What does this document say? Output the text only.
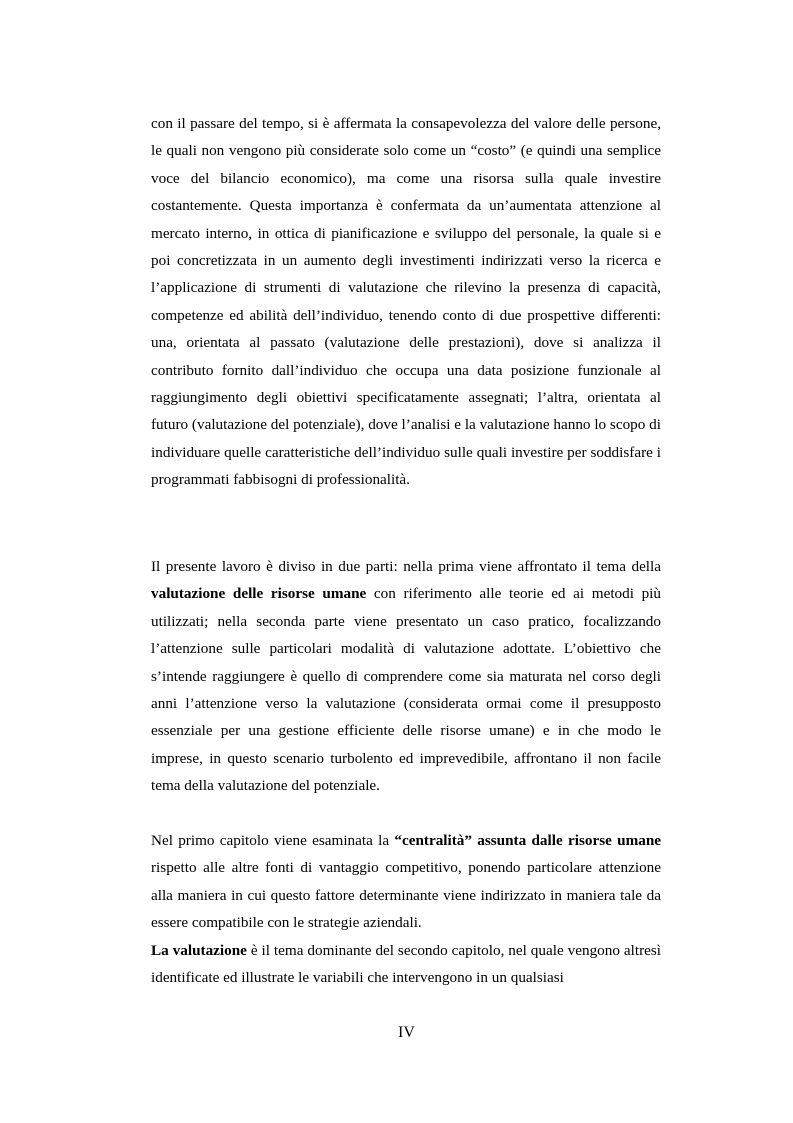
con il passare del tempo, si è affermata la consapevolezza del valore delle persone, le quali non vengono più considerate solo come un “costo” (e quindi una semplice voce del bilancio economico), ma come una risorsa sulla quale investire costantemente. Questa importanza è confermata da un’aumentata attenzione al mercato interno, in ottica di pianificazione e sviluppo del personale, la quale si e poi concretizzata in un aumento degli investimenti indirizzati verso la ricerca e l’applicazione di strumenti di valutazione che rilevino la presenza di capacità, competenze ed abilità dell’individuo, tenendo conto di due prospettive differenti: una, orientata al passato (valutazione delle prestazioni), dove si analizza il contributo fornito dall’individuo che occupa una data posizione funzionale al raggiungimento degli obiettivi specificatamente assegnati; l’altra, orientata al futuro (valutazione del potenziale), dove l’analisi e la valutazione hanno lo scopo di individuare quelle caratteristiche dell’individuo sulle quali investire per soddisfare i programmati fabbisogni di professionalità.

Il presente lavoro è diviso in due parti: nella prima viene affrontato il tema della valutazione delle risorse umane con riferimento alle teorie ed ai metodi più utilizzati; nella seconda parte viene presentato un caso pratico, focalizzando l’attenzione sulle particolari modalità di valutazione adottate. L’obiettivo che s’intende raggiungere è quello di comprendere come sia maturata nel corso degli anni l’attenzione verso la valutazione (considerata ormai come il presupposto essenziale per una gestione efficiente delle risorse umane) e in che modo le imprese, in questo scenario turbolento ed imprevedibile, affrontano il non facile tema della valutazione del potenziale.

Nel primo capitolo viene esaminata la “centralità” assunta dalle risorse umane rispetto alle altre fonti di vantaggio competitivo, ponendo particolare attenzione alla maniera in cui questo fattore determinante viene indirizzato in maniera tale da essere compatibile con le strategie aziendali.

La valutazione è il tema dominante del secondo capitolo, nel quale vengono altresì identificate ed illustrate le variabili che intervengono in un qualsiasi

IV
